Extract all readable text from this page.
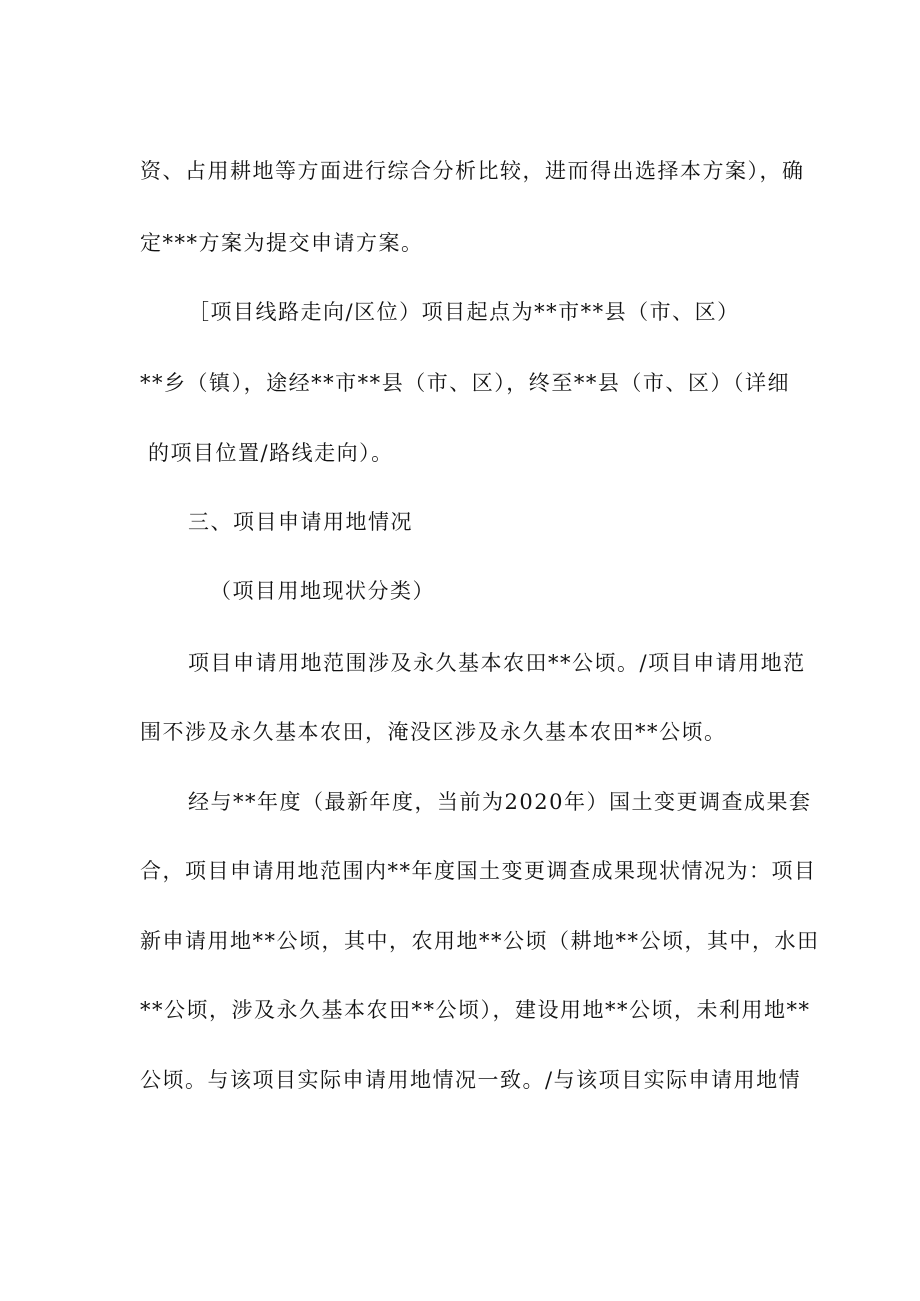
资、占用耕地等方面进行综合分析比较，进而得出选择本方案），确
定***方案为提交申请方案。
［项目线路走向/区位）项目起点为**市**县（市、区）
**乡（镇），途经**市**县（市、区），终至**县（市、区）（详细
的项目位置/路线走向）。
三、项目申请用地情况
（项目用地现状分类）
项目申请用地范围涉及永久基本农田**公顷。/项目申请用地范
围不涉及永久基本农田，淹没区涉及永久基本农田**公顷。
经与**年度（最新年度，当前为2020年）国土变更调查成果套
合，项目申请用地范围内**年度国土变更调查成果现状情况为：项目
新申请用地**公顷，其中，农用地**公顷（耕地**公顷，其中，水田
**公顷，涉及永久基本农田**公顷），建设用地**公顷，未利用地**
公顷。与该项目实际申请用地情况一致。/与该项目实际申请用地情
